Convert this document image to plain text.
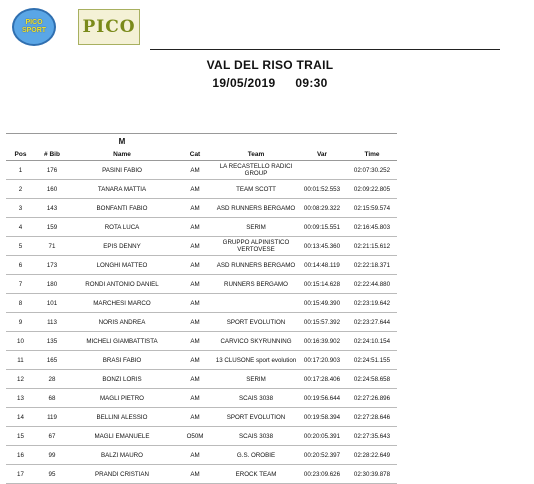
PICO SPORT	PICO
VAL DEL RISO TRAIL
19/05/2019 09:30
		M				
Pos	# Bib	Name	Cat	Team	Var	Time
1	176	PASINI FABIO	AM	LA RECASTELLO RADICI GROUP		02:07:30.252
2	160	TANARA MATTIA	AM	TEAM SCOTT	00:01:52.553	02:09:22.805
3	143	BONFANTI FABIO	AM	ASD RUNNERS BERGAMO	00:08:29.322	02:15:59.574
4	159	ROTA LUCA	AM	SERIM	00:09:15.551	02:16:45.803
5	71	EPIS DENNY	AM	GRUPPO ALPINISTICO VERTOVESE	00:13:45.360	02:21:15.612
6	173	LONGHI MATTEO	AM	ASD RUNNERS BERGAMO	00:14:48.119	02:22:18.371
7	180	RONDI ANTONIO DANIEL	AM	RUNNERS BERGAMO	00:15:14.628	02:22:44.880
8	101	MARCHESI MARCO	AM		00:15:49.390	02:23:19.642
9	113	NORIS ANDREA	AM	SPORT EVOLUTION	00:15:57.392	02:23:27.644
10	135	MICHELI GIAMBATTISTA	AM	CARVICO SKYRUNNING	00:16:39.902	02:24:10.154
11	165	BRASI FABIO	AM	13 CLUSONE sport evolution	00:17:20.903	02:24:51.155
12	28	BONZI LORIS	AM	SERIM	00:17:28.406	02:24:58.658
13	68	MAGLI PIETRO	AM	SCAIS 3038	00:19:56.644	02:27:26.896
14	119	BELLINI ALESSIO	AM	SPORT EVOLUTION	00:19:58.394	02:27:28.646
15	67	MAGLI EMANUELE	O50M	SCAIS 3038	00:20:05.391	02:27:35.643
16	99	BALZI MAURO	AM	G.S. OROBIE	00:20:52.397	02:28:22.649
17	95	PRANDI CRISTIAN	AM	EROCK TEAM	00:23:09.626	02:30:39.878
